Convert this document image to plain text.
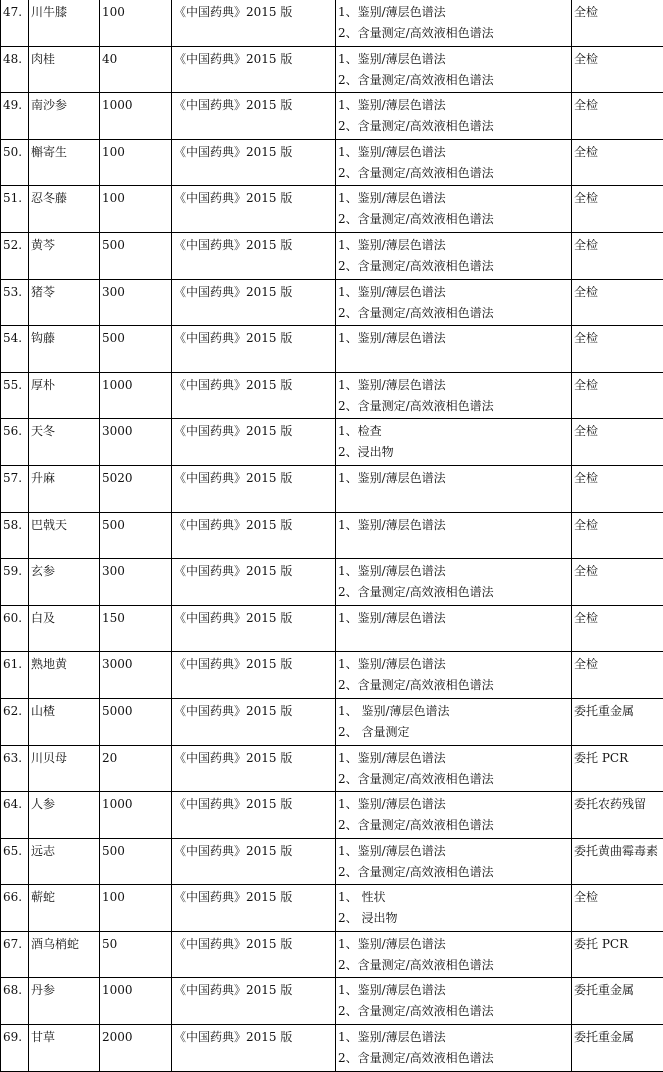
47.	川牛膝	100	《中国药典》2015 版	1、鉴别/薄层色谱法
2、含量测定/高效液相色谱法	全检
48.	肉桂	40	《中国药典》2015 版	1、鉴别/薄层色谱法
2、含量测定/高效液相色谱法	全检
49.	南沙参	1000	《中国药典》2015 版	1、鉴别/薄层色谱法
2、含量测定/高效液相色谱法	全检
50.	槲寄生	100	《中国药典》2015 版	1、鉴别/薄层色谱法
2、含量测定/高效液相色谱法	全检
51.	忍冬藤	100	《中国药典》2015 版	1、鉴别/薄层色谱法
2、含量测定/高效液相色谱法	全检
52.	黄芩	500	《中国药典》2015 版	1、鉴别/薄层色谱法
2、含量测定/高效液相色谱法	全检
53.	猪苓	300	《中国药典》2015 版	1、鉴别/薄层色谱法
2、含量测定/高效液相色谱法	全检
54.	钩藤	500	《中国药典》2015 版	1、鉴别/薄层色谱法	全检
55.	厚朴	1000	《中国药典》2015 版	1、鉴别/薄层色谱法
2、含量测定/高效液相色谱法	全检
56.	天冬	3000	《中国药典》2015 版	1、检查
2、浸出物	全检
57.	升麻	5020	《中国药典》2015 版	1、鉴别/薄层色谱法	全检
58.	巴戟天	500	《中国药典》2015 版	1、鉴别/薄层色谱法	全检
59.	玄参	300	《中国药典》2015 版	1、鉴别/薄层色谱法
2、含量测定/高效液相色谱法	全检
60.	白及	150	《中国药典》2015 版	1、鉴别/薄层色谱法	全检
61.	熟地黄	3000	《中国药典》2015 版	1、鉴别/薄层色谱法
2、含量测定/高效液相色谱法	全检
62.	山楂	5000	《中国药典》2015 版	1、 鉴别/薄层色谱法
2、 含量测定	委托重金属
63.	川贝母	20	《中国药典》2015 版	1、鉴别/薄层色谱法
2、含量测定/高效液相色谱法	委托 PCR
64.	人参	1000	《中国药典》2015 版	1、鉴别/薄层色谱法
2、含量测定/高效液相色谱法	委托农药残留
65.	远志	500	《中国药典》2015 版	1、鉴别/薄层色谱法
2、含量测定/高效液相色谱法	委托黄曲霉毒素
66.	蕲蛇	100	《中国药典》2015 版	1、 性状
2、 浸出物	全检
67.	酒乌梢蛇	50	《中国药典》2015 版	1、鉴别/薄层色谱法
2、含量测定/高效液相色谱法	委托 PCR
68.	丹参	1000	《中国药典》2015 版	1、鉴别/薄层色谱法
2、含量测定/高效液相色谱法	委托重金属
69.	甘草	2000	《中国药典》2015 版	1、鉴别/薄层色谱法
2、含量测定/高效液相色谱法	委托重金属
